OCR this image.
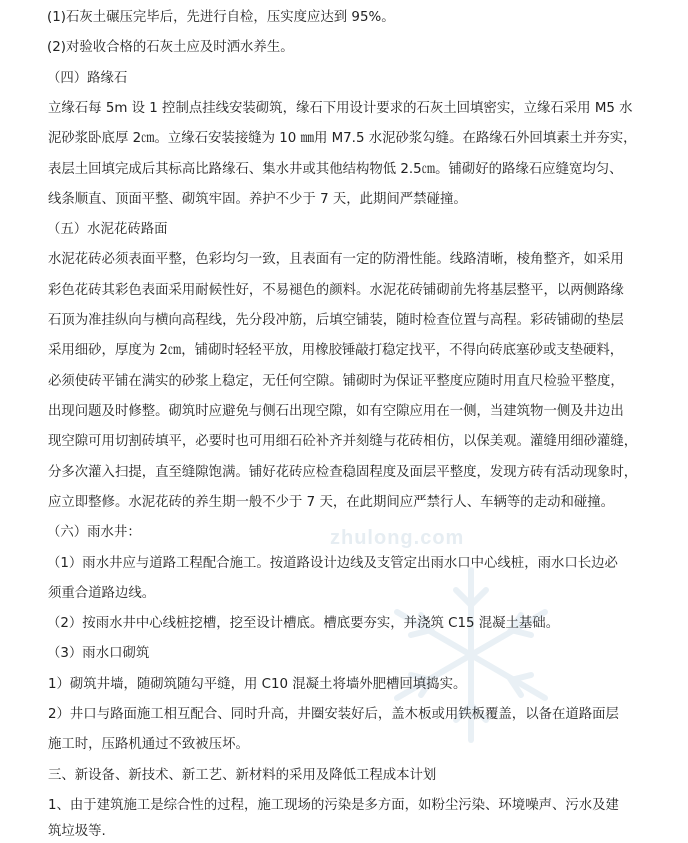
zhulong.com
(1)石灰土碾压完毕后，先进行自检，压实度应达到 95%。
(2)对验收合格的石灰土应及时洒水养生。
（四）路缘石
立缘石每 5m 设 1 控制点挂线安装砌筑，缘石下用设计要求的石灰土回填密实，立缘石采用 M5 水
泥砂浆卧底厚 2㎝。立缘石安装接缝为 10 ㎜用 M7.5 水泥砂浆勾缝。在路缘石外回填素土并夯实，
表层土回填完成后其标高比路缘石、集水井或其他结构物低 2.5㎝。铺砌好的路缘石应缝宽均匀、
线条顺直、顶面平整、砌筑牢固。养护不少于 7 天，此期间严禁碰撞。
（五）水泥花砖路面
水泥花砖必须表面平整，色彩均匀一致，且表面有一定的防滑性能。线路清晰，棱角整齐，如采用
彩色花砖其彩色表面采用耐候性好，不易褪色的颜料。水泥花砖铺砌前先将基层整平，以两侧路缘
石顶为准挂纵向与横向高程线，先分段冲筋，后填空铺装，随时检查位置与高程。彩砖铺砌的垫层
采用细砂，厚度为 2㎝，铺砌时轻轻平放，用橡胶锤敲打稳定找平，不得向砖底塞砂或支垫硬料，
必须使砖平铺在满实的砂浆上稳定，无任何空隙。铺砌时为保证平整度应随时用直尺检验平整度，
出现问题及时修整。砌筑时应避免与侧石出现空隙，如有空隙应用在一侧，当建筑物一侧及井边出
现空隙可用切割砖填平，必要时也可用细石砼补齐并刻缝与花砖相仿，以保美观。灌缝用细砂灌缝，
分多次灌入扫提，直至缝隙饱满。铺好花砖应检查稳固程度及面层平整度，发现方砖有活动现象时，
应立即整修。水泥花砖的养生期一般不少于 7 天，在此期间应严禁行人、车辆等的走动和碰撞。
（六）雨水井：
（1）雨水井应与道路工程配合施工。按道路设计边线及支管定出雨水口中心线桩，雨水口长边必
须重合道路边线。
（2）按雨水井中心线桩挖槽，挖至设计槽底。槽底要夯实，并浇筑 C15 混凝土基础。
（3）雨水口砌筑
1）砌筑井墙，随砌筑随勾平缝，用 C10 混凝土将墙外肥槽回填捣实。
2）井口与路面施工相互配合、同时升高，井圈安装好后，盖木板或用铁板覆盖，以备在道路面层
施工时，压路机通过不致被压坏。
三、新设备、新技术、新工艺、新材料的采用及降低工程成本计划
1、由于建筑施工是综合性的过程，施工现场的污染是多方面，如粉尘污染、环境噪声、污水及建
筑垃圾等.
